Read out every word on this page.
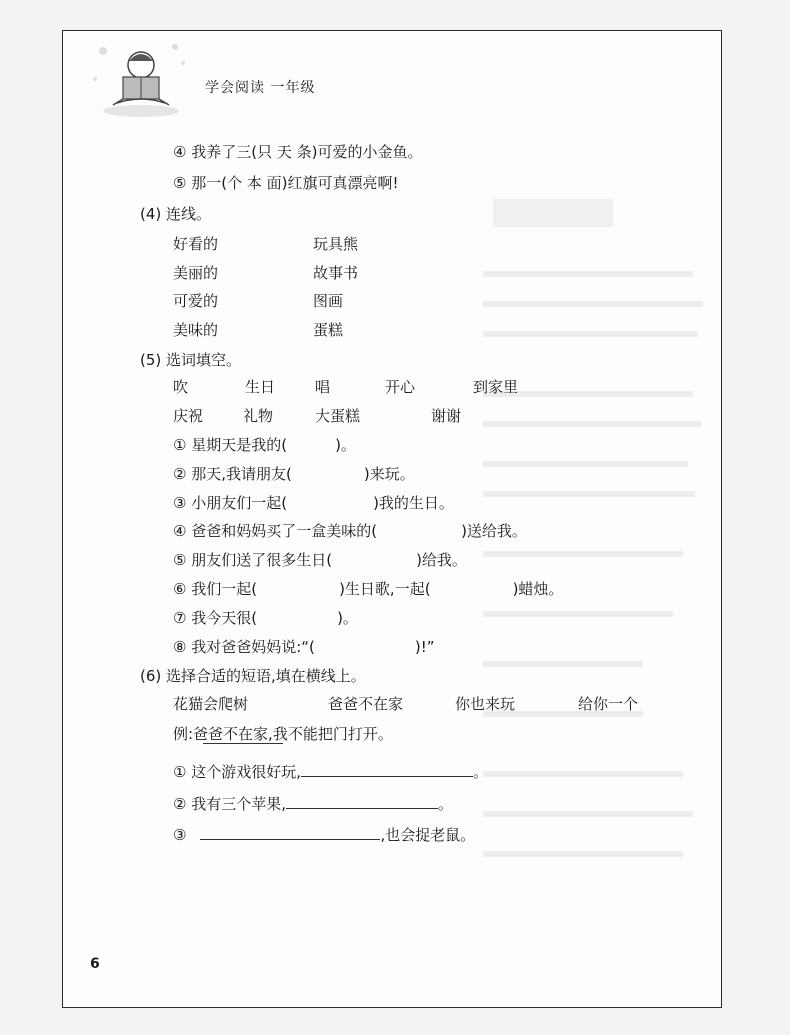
学会阅读 一年级
④ 我养了三(只 天 条)可爱的小金鱼。
⑤ 那一(个 本 面)红旗可真漂亮啊!
(4) 连线。
好看的	玩具熊
美丽的	故事书
可爱的	图画
美味的	蛋糕
(5) 选词填空。
吹	生日	唱	开心	到家里
庆祝	礼物	大蛋糕	谢谢
① 星期天是我的(	)。
② 那天,我请朋友(	)来玩。
③ 小朋友们一起(	)我的生日。
④ 爸爸和妈妈买了一盒美味的(	)送给我。
⑤ 朋友们送了很多生日(	)给我。
⑥ 我们一起(	)生日歌,一起(	)蜡烛。
⑦ 我今天很(	)。
⑧ 我对爸爸妈妈说:“(	)!”
(6) 选择合适的短语,填在横线上。
花猫会爬树	爸爸不在家	你也来玩	给你一个
例:爸爸不在家,我不能把门打开。
① 这个游戏很好玩,	。
② 我有三个苹果,	。
③	,也会捉老鼠。
6
